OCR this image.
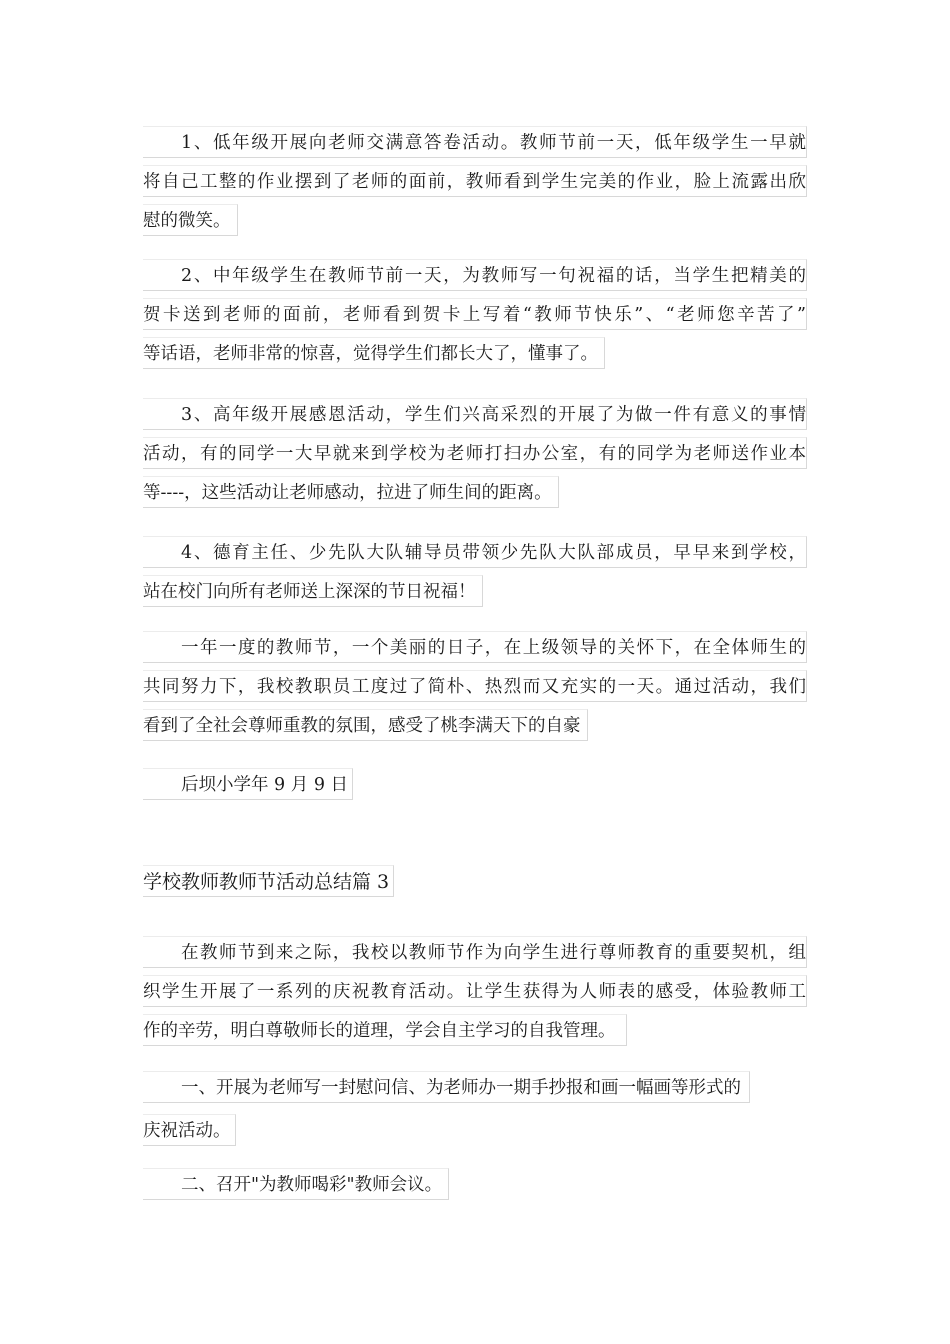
1、低年级开展向老师交满意答卷活动。教师节前一天，低年级学生一早就
将自己工整的作业摆到了老师的面前，教师看到学生完美的作业，脸上流露出欣
慰的微笑。
2、中年级学生在教师节前一天，为教师写一句祝福的话，当学生把精美的
贺卡送到老师的面前，老师看到贺卡上写着“教师节快乐”、“老师您辛苦了”
等话语，老师非常的惊喜，觉得学生们都长大了，懂事了。
3、高年级开展感恩活动，学生们兴高采烈的开展了为做一件有意义的事情
活动，有的同学一大早就来到学校为老师打扫办公室，有的同学为老师送作业本
等----，这些活动让老师感动，拉进了师生间的距离。
4、德育主任、少先队大队辅导员带领少先队大队部成员，早早来到学校，
站在校门向所有老师送上深深的节日祝福！
一年一度的教师节，一个美丽的日子，在上级领导的关怀下，在全体师生的
共同努力下，我校教职员工度过了简朴、热烈而又充实的一天。通过活动，我们
看到了全社会尊师重教的氛围，感受了桃李满天下的自豪
后坝小学年 9 月 9 日
学校教师教师节活动总结篇 3
在教师节到来之际，我校以教师节作为向学生进行尊师教育的重要契机，组
织学生开展了一系列的庆祝教育活动。让学生获得为人师表的感受，体验教师工
作的辛劳，明白尊敬师长的道理，学会自主学习的自我管理。
一、开展为老师写一封慰问信、为老师办一期手抄报和画一幅画等形式的
庆祝活动。
二、召开"为教师喝彩"教师会议。
